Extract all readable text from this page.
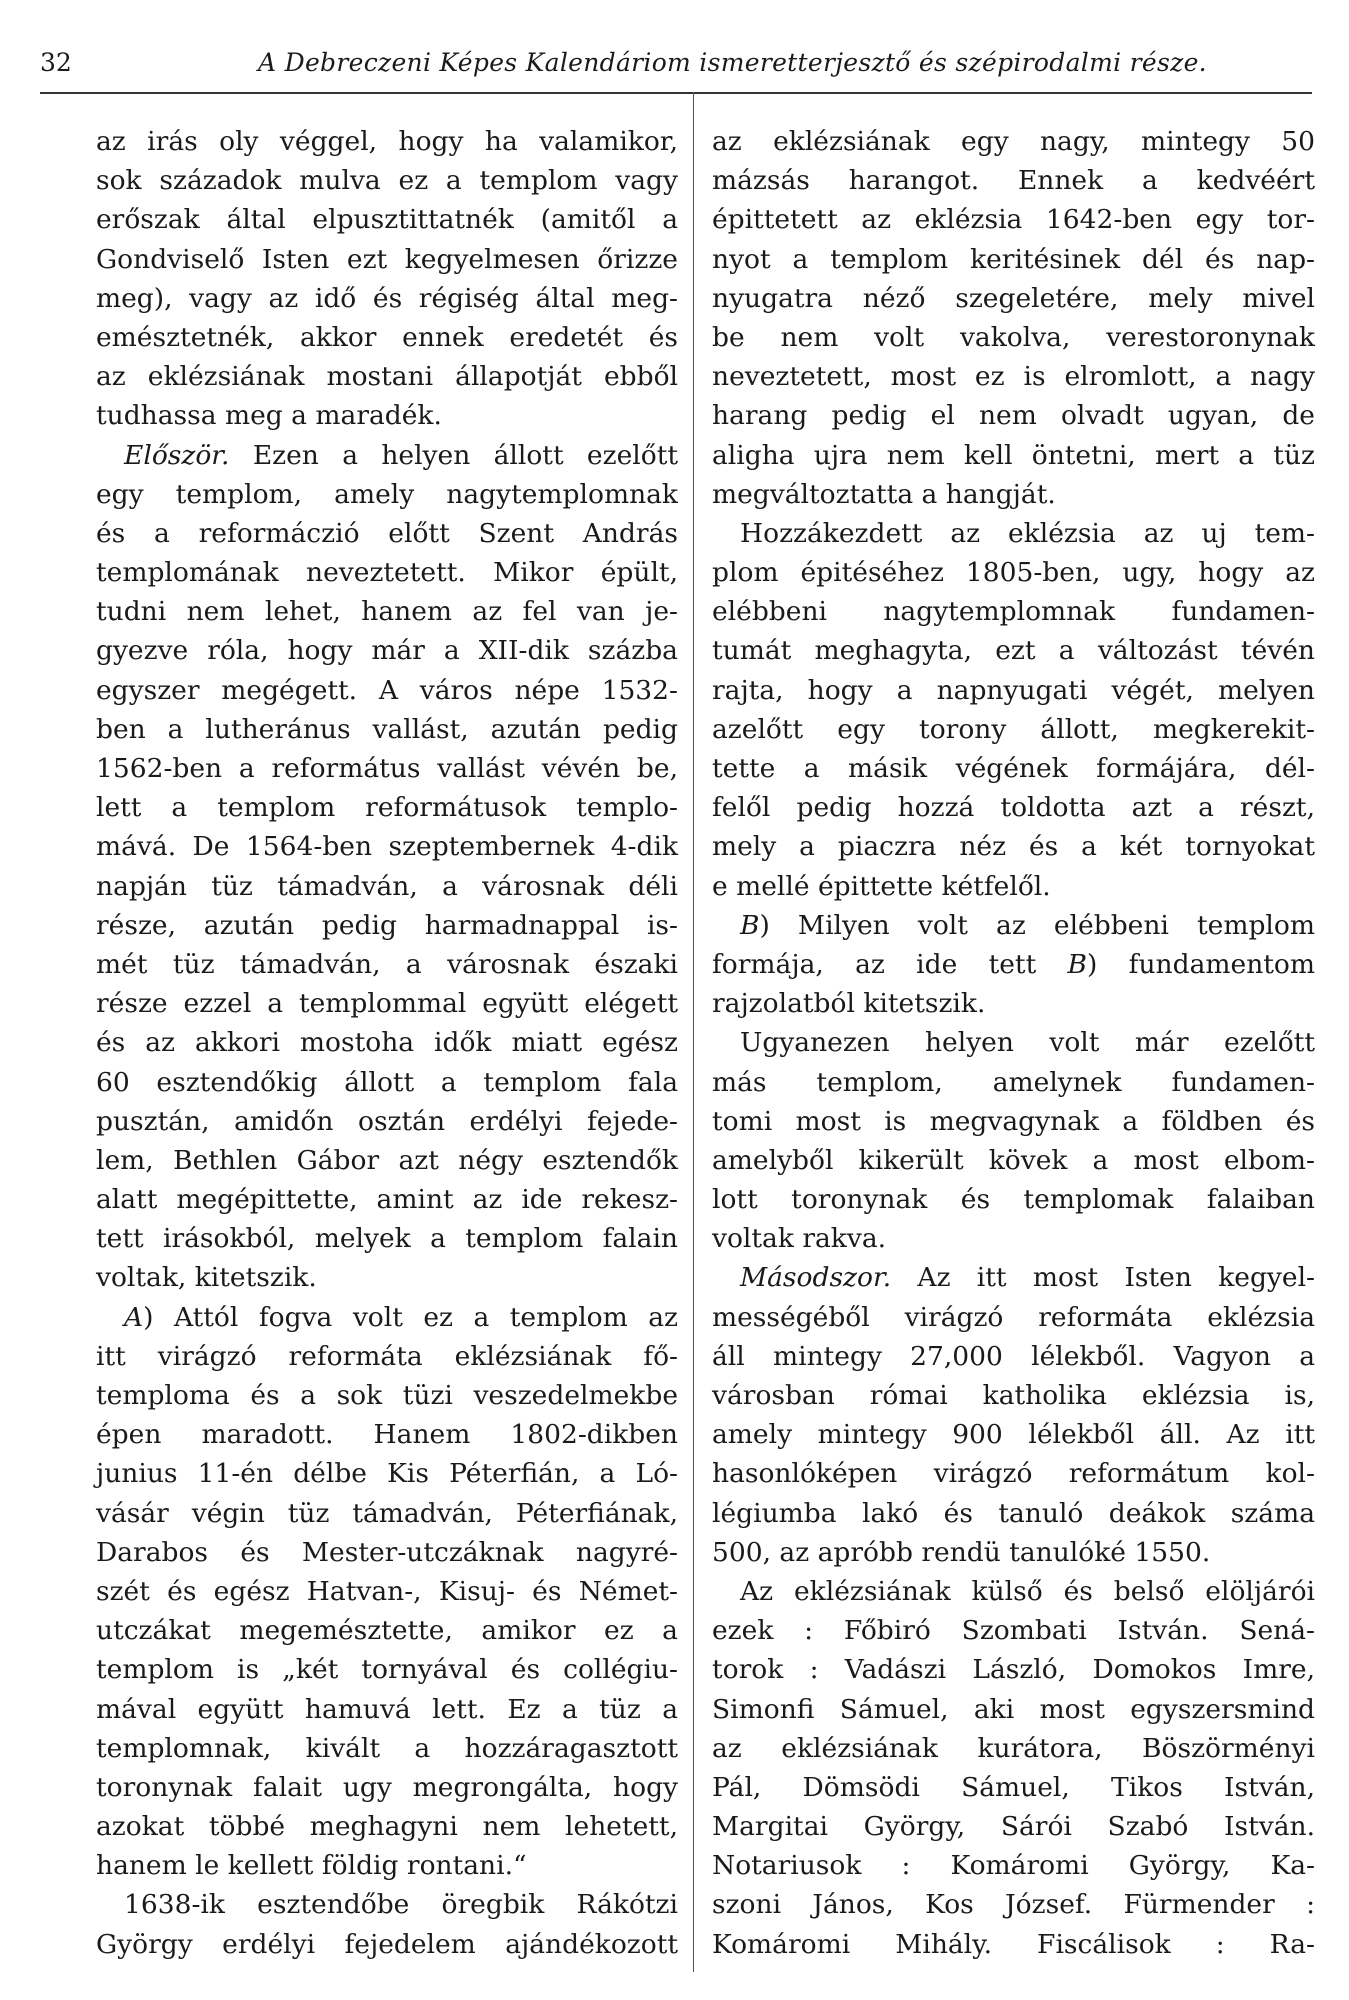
32	A Debreczeni Képes Kalendáriom ismeretterjesztő és szépirodalmi része.
az irás oly véggel, hogy ha valamikor,
sok századok mulva ez a templom vagy
erőszak által elpusztittatnék (amitől a
Gondviselő Isten ezt kegyelmesen őrizze
meg), vagy az idő és régiség által meg-
emésztetnék, akkor ennek eredetét és
az eklézsiának mostani állapotját ebből
tudhassa meg a maradék.
Először. Ezen a helyen állott ezelőtt
egy templom, amely nagytemplomnak
és a reformáczió előtt Szent András
templomának neveztetett. Mikor épült,
tudni nem lehet, hanem az fel van je-
gyezve róla, hogy már a XII-dik százba
egyszer megégett. A város népe 1532-
ben a lutheránus vallást, azután pedig
1562-ben a református vallást vévén be,
lett a templom reformátusok templo-
mává. De 1564-ben szeptembernek 4-dik
napján tüz támadván, a városnak déli
része, azután pedig harmadnappal is-
mét tüz támadván, a városnak északi
része ezzel a templommal együtt elégett
és az akkori mostoha idők miatt egész
60 esztendőkig állott a templom fala
pusztán, amidőn osztán erdélyi fejede-
lem, Bethlen Gábor azt négy esztendők
alatt megépittette, amint az ide rekesz-
tett irásokból, melyek a templom falain
voltak, kitetszik.
A) Attól fogva volt ez a templom az
itt virágzó reformáta eklézsiának fő-
temploma és a sok tüzi veszedelmekbe
épen maradott. Hanem 1802-dikben
junius 11-én délbe Kis Péterfián, a Ló-
vásár végin tüz támadván, Péterfiának,
Darabos és Mester-utczáknak nagyré-
szét és egész Hatvan-, Kisuj- és Német-
utczákat megemésztette, amikor ez a
templom is „két tornyával és collégiu-
mával együtt hamuvá lett. Ez a tüz a
templomnak, kivált a hozzáragasztott
toronynak falait ugy megrongálta, hogy
azokat többé meghagyni nem lehetett,
hanem le kellett földig rontani.“
1638-ik esztendőbe öregbik Rákótzi
György erdélyi fejedelem ajándékozott
az eklézsiának egy nagy, mintegy 50
mázsás harangot. Ennek a kedvéért
épittetett az eklézsia 1642-ben egy tor-
nyot a templom keritésinek dél és nap-
nyugatra néző szegeletére, mely mivel
be nem volt vakolva, verestoronynak
neveztetett, most ez is elromlott, a nagy
harang pedig el nem olvadt ugyan, de
aligha ujra nem kell öntetni, mert a tüz
megváltoztatta a hangját.
Hozzákezdett az eklézsia az uj tem-
plom épitéséhez 1805-ben, ugy, hogy az
elébbeni nagytemplomnak fundamen-
tumát meghagyta, ezt a változást tévén
rajta, hogy a napnyugati végét, melyen
azelőtt egy torony állott, megkerekit-
tette a másik végének formájára, dél-
felől pedig hozzá toldotta azt a részt,
mely a piaczra néz és a két tornyokat
e mellé épittette kétfelől.
B) Milyen volt az elébbeni templom
formája, az ide tett B) fundamentom
rajzolatból kitetszik.
Ugyanezen helyen volt már ezelőtt
más templom, amelynek fundamen-
tomi most is megvagynak a földben és
amelyből kikerült kövek a most elbom-
lott toronynak és templomak falaiban
voltak rakva.
Másodszor. Az itt most Isten kegyel-
mességéből virágzó reformáta eklézsia
áll mintegy 27,000 lélekből. Vagyon a
városban római katholika eklézsia is,
amely mintegy 900 lélekből áll. Az itt
hasonlóképen virágzó reformátum kol-
légiumba lakó és tanuló deákok száma
500, az apróbb rendü tanulóké 1550.
Az eklézsiának külső és belső elöljárói
ezek : Főbiró Szombati István. Sená-
torok : Vadászi László, Domokos Imre,
Simonfi Sámuel, aki most egyszersmind
az eklézsiának kurátora, Böszörményi
Pál, Dömsödi Sámuel, Tikos István,
Margitai György, Sárói Szabó István.
Notariusok : Komáromi György, Ka-
szoni János, Kos József. Fürmender :
Komáromi Mihály. Fiscálisok : Ra-
